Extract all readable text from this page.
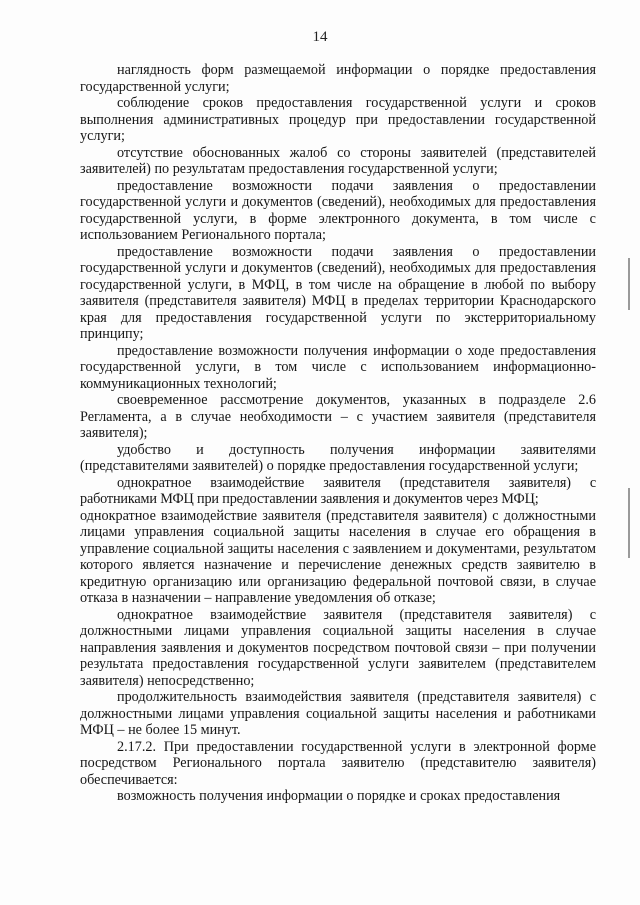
14

наглядность форм размещаемой информации о порядке предоставления государственной услуги;

соблюдение сроков предоставления государственной услуги и сроков выполнения административных процедур при предоставлении государственной услуги;

отсутствие обоснованных жалоб со стороны заявителей (представителей заявителей) по результатам предоставления государственной услуги;

предоставление возможности подачи заявления о предоставлении государственной услуги и документов (сведений), необходимых для предоставления государственной услуги, в форме электронного документа, в том числе с использованием Регионального портала;

предоставление возможности подачи заявления о предоставлении государственной услуги и документов (сведений), необходимых для предоставления государственной услуги, в МФЦ, в том числе на обращение в любой по выбору заявителя (представителя заявителя) МФЦ в пределах территории Краснодарского края для предоставления государственной услуги по экстерриториальному принципу;

предоставление возможности получения информации о ходе предоставления государственной услуги, в том числе с использованием информационно-коммуникационных технологий;

своевременное рассмотрение документов, указанных в подразделе 2.6 Регламента, а в случае необходимости – с участием заявителя (представителя заявителя);

удобство и доступность получения информации заявителями (представителями заявителей) о порядке предоставления государственной услуги;

однократное взаимодействие заявителя (представителя заявителя) с работниками МФЦ при предоставлении заявления и документов через МФЦ;

однократное взаимодействие заявителя (представителя заявителя) с должностными лицами управления социальной защиты населения в случае его обращения в управление социальной защиты населения с заявлением и документами, результатом которого является назначение и перечисление денежных средств заявителю в кредитную организацию или организацию федеральной почтовой связи, в случае отказа в назначении – направление уведомления об отказе;

однократное взаимодействие заявителя (представителя заявителя) с должностными лицами управления социальной защиты населения в случае направления заявления и документов посредством почтовой связи – при получении результата предоставления государственной услуги заявителем (представителем заявителя) непосредственно;

продолжительность взаимодействия заявителя (представителя заявителя) с должностными лицами управления социальной защиты населения и работниками МФЦ – не более 15 минут.

2.17.2. При предоставлении государственной услуги в электронной форме посредством Регионального портала заявителю (представителю заявителя) обеспечивается:

возможность получения информации о порядке и сроках предоставления
